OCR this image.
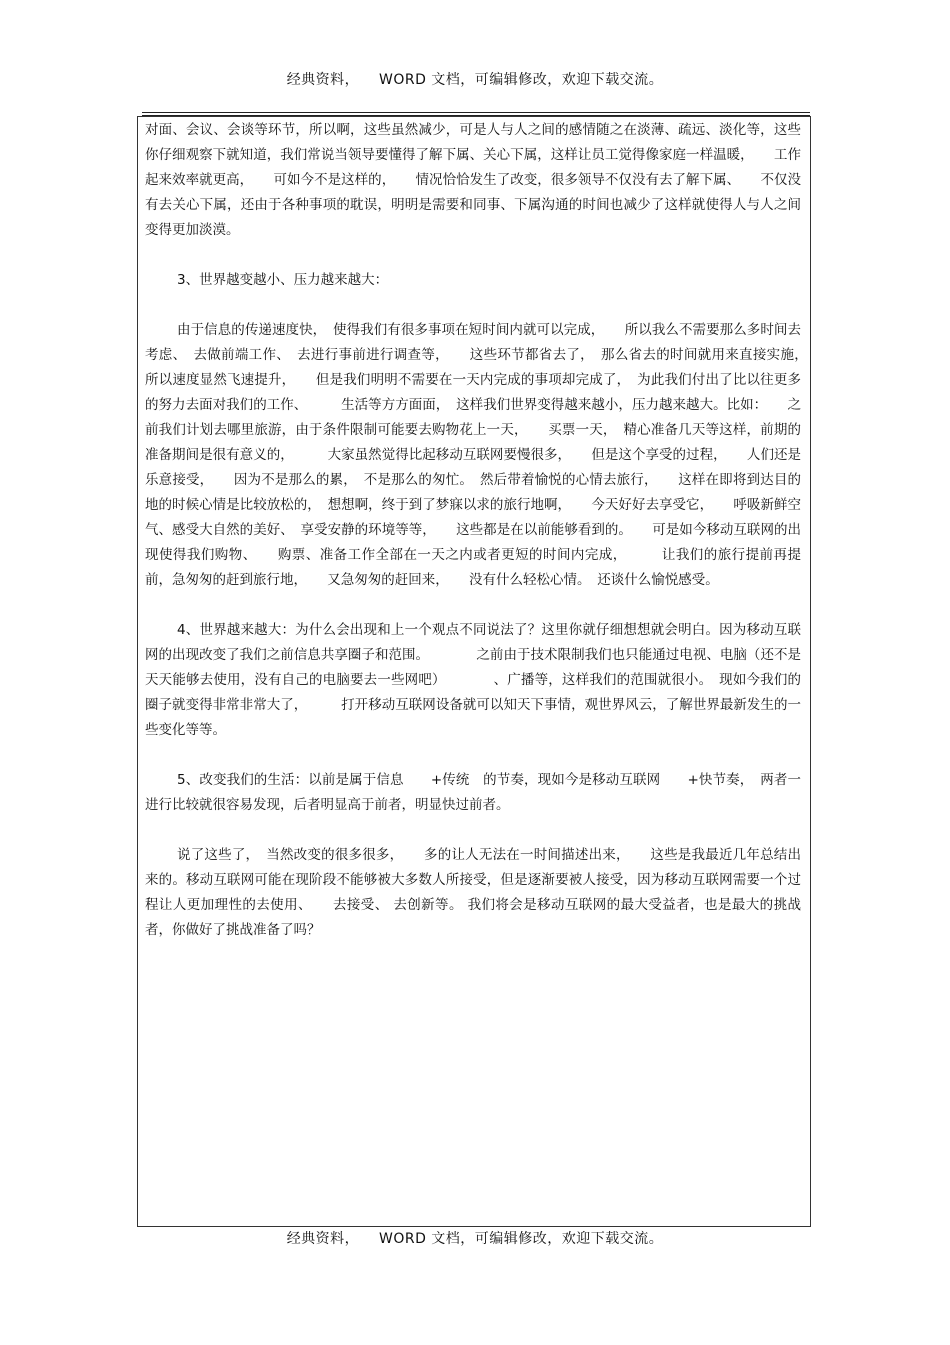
经典资料，    WORD 文档，可编辑修改，欢迎下载交流。

对面、会议、会谈等环节，所以啊，这些虽然减少，可是人与人之间的感情随之在淡薄、疏远、淡化等，这些你仔细观察下就知道，我们常说当领导要懂得了解下属、关心下属，这样让员工觉得像家庭一样温暖，　　工作起来效率就更高，　　可如今不是这样的，　　情况恰恰发生了改变，很多领导不仅没有去了解下属、　　不仅没有去关心下属，还由于各种事项的耽误，明明是需要和同事、下属沟通的时间也减少了这样就使得人与人之间变得更加淡漠。

3、世界越变越小、压力越来越大：

由于信息的传递速度快，　使得我们有很多事项在短时间内就可以完成，　　所以我么不需要那么多时间去考虑、　去做前端工作、　去进行事前进行调查等，　　这些环节都省去了，　那么省去的时间就用来直接实施，　　所以速度显然飞速提升，　　但是我们明明不需要在一天内完成的事项却完成了，　为此我们付出了比以往更多的努力去面对我们的工作、　　　生活等方方面面，　这样我们世界变得越来越小，压力越来越大。比如：　　之前我们计划去哪里旅游，由于条件限制可能要去购物花上一天，　　买票一天，　精心准备几天等这样，前期的准备期间是很有意义的，　　　大家虽然觉得比起移动互联网要慢很多，　　但是这个享受的过程，　　人们还是乐意接受，　　因为不是那么的累，　不是那么的匆忙。　然后带着愉悦的心情去旅行，　　这样在即将到达目的地的时候心情是比较放松的，　想想啊，终于到了梦寐以求的旅行地啊，　　今天好好去享受它，　　呼吸新鲜空气、感受大自然的美好、　享受安静的环境等等，　　这些都是在以前能够看到的。　　可是如今移动互联网的出现使得我们购物、　　购票、准备工作全部在一天之内或者更短的时间内完成，　　　让我们的旅行提前再提前，急匆匆的赶到旅行地，　　又急匆匆的赶回来，　　没有什么轻松心情。　还谈什么愉悦感受。

4、世界越来越大：为什么会出现和上一个观点不同说法了？这里你就仔细想想就会明白。因为移动互联网的出现改变了我们之前信息共享圈子和范围。　　　　之前由于技术限制我们也只能通过电视、电脑（还不是天天能够去使用，没有自己的电脑要去一些网吧）　　　　、广播等，这样我们的范围就很小。　现如今我们的圈子就变得非常非常大了，　　　打开移动互联网设备就可以知天下事情，观世界风云，了解世界最新发生的一些变化等等。

5、改变我们的生活：以前是属于信息　　+传统　的节奏，现如今是移动互联网　　+快节奏，　两者一进行比较就很容易发现，后者明显高于前者，明显快过前者。

说了这些了，　当然改变的很多很多，　　多的让人无法在一时间描述出来，　　这些是我最近几年总结出来的。移动互联网可能在现阶段不能够被大多数人所接受，但是逐渐要被人接受，因为移动互联网需要一个过程让人更加理性的去使用、　　去接受、 去创新等。 我们将会是移动互联网的最大受益者，也是最大的挑战者，你做好了挑战准备了吗？

经典资料，    WORD 文档，可编辑修改，欢迎下载交流。
